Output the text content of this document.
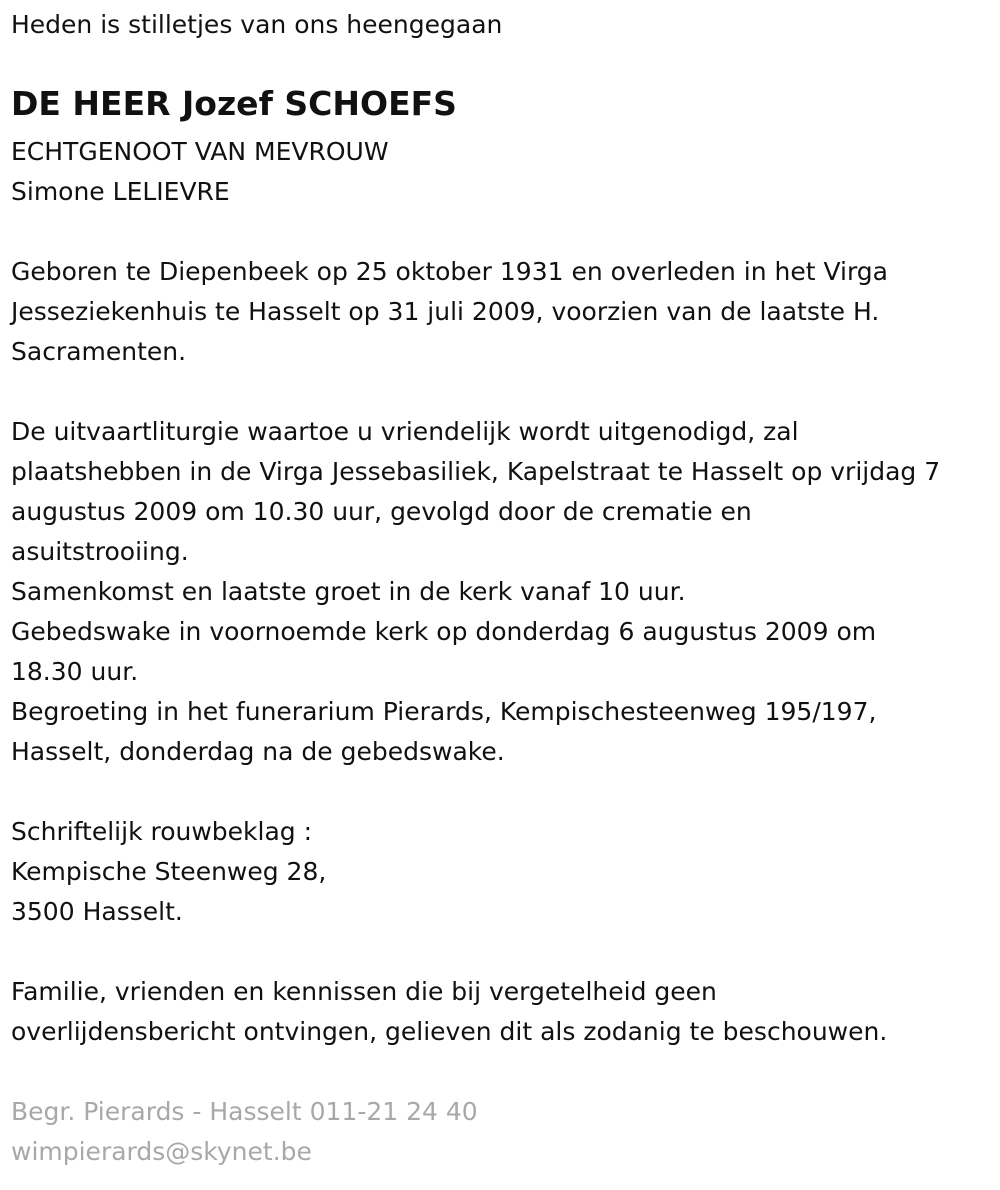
Heden is stilletjes van ons heengegaan
DE HEER Jozef SCHOEFS
ECHTGENOOT VAN MEVROUW
Simone LELIEVRE
Geboren te Diepenbeek op 25 oktober 1931 en overleden in het Virga
Jesseziekenhuis te Hasselt op 31 juli 2009, voorzien van de laatste H.
Sacramenten.
De uitvaartliturgie waartoe u vriendelijk wordt uitgenodigd, zal
plaatshebben in de Virga Jessebasiliek, Kapelstraat te Hasselt op vrijdag 7
augustus 2009 om 10.30 uur, gevolgd door de crematie en
asuitstrooiing.
Samenkomst en laatste groet in de kerk vanaf 10 uur.
Gebedswake in voornoemde kerk op donderdag 6 augustus 2009 om
18.30 uur.
Begroeting in het funerarium Pierards, Kempischesteenweg 195/197,
Hasselt, donderdag na de gebedswake.
Schriftelijk rouwbeklag :
Kempische Steenweg 28,
3500 Hasselt.
Familie, vrienden en kennissen die bij vergetelheid geen
overlijdensbericht ontvingen, gelieven dit als zodanig te beschouwen.
Begr. Pierards - Hasselt 011-21 24 40
wimpierards@skynet.be
